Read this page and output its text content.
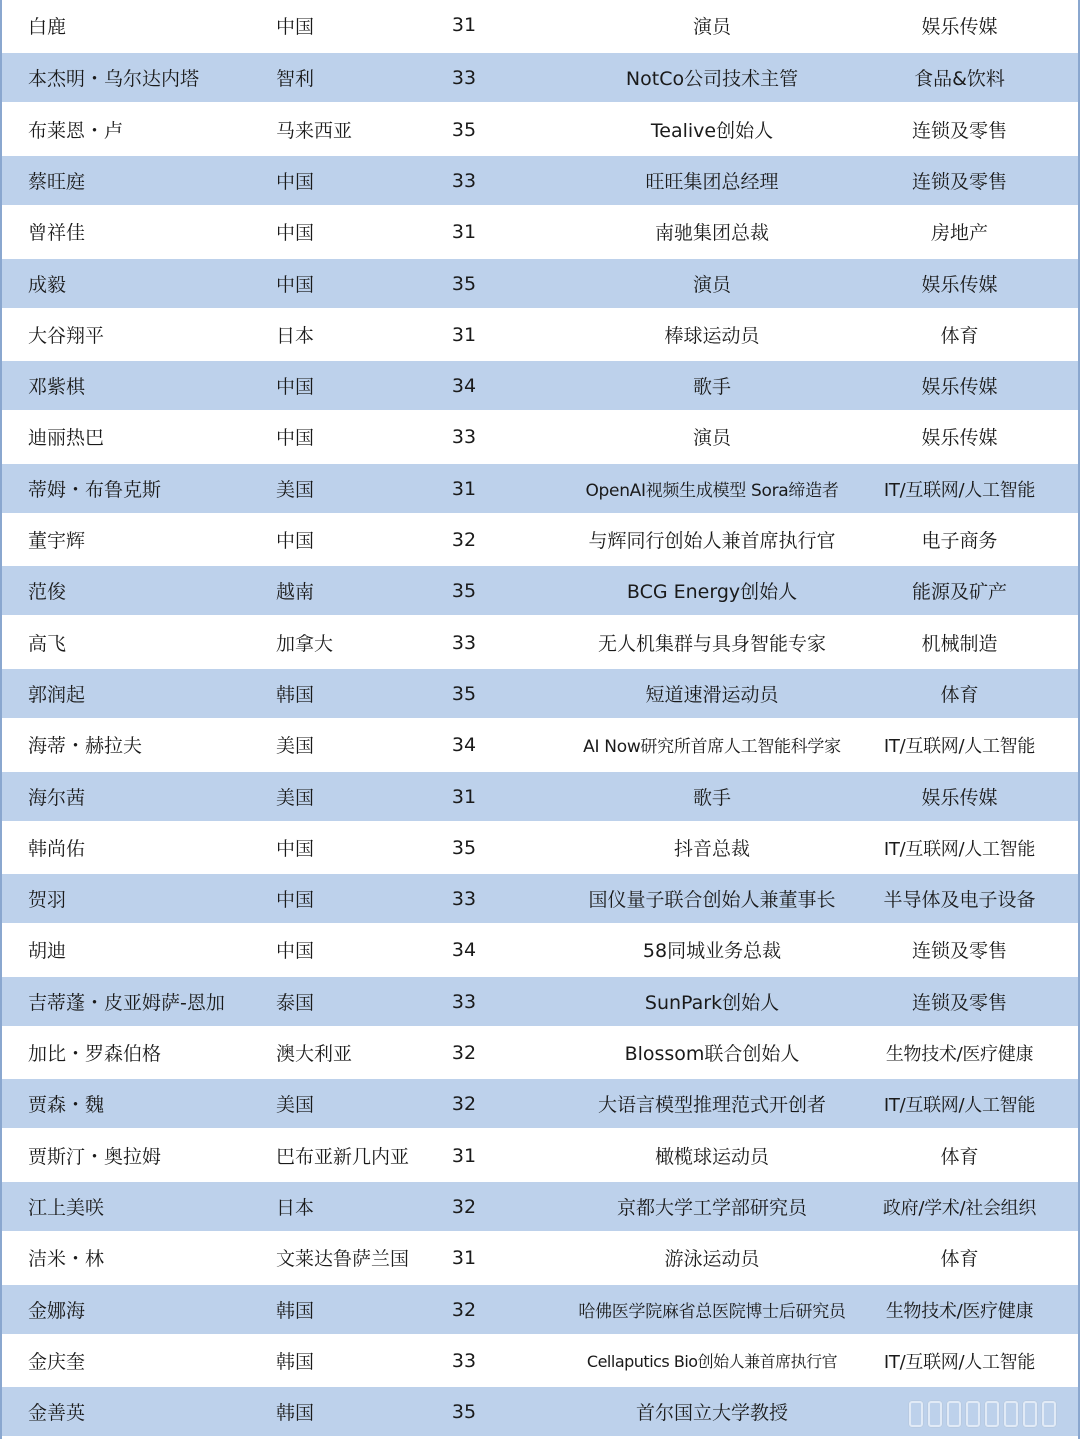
白鹿	中国	31	演员	娱乐传媒
本杰明・乌尔达内塔	智利	33	NotCo公司技术主管	食品&饮料
布莱恩・卢	马来西亚	35	Tealive创始人	连锁及零售
蔡旺庭	中国	33	旺旺集团总经理	连锁及零售
曾祥佳	中国	31	南驰集团总裁	房地产
成毅	中国	35	演员	娱乐传媒
大谷翔平	日本	31	棒球运动员	体育
邓紫棋	中国	34	歌手	娱乐传媒
迪丽热巴	中国	33	演员	娱乐传媒
蒂姆・布鲁克斯	美国	31	OpenAI视频生成模型 Sora缔造者	IT/互联网/人工智能
董宇辉	中国	32	与辉同行创始人兼首席执行官	电子商务
范俊	越南	35	BCG Energy创始人	能源及矿产
高飞	加拿大	33	无人机集群与具身智能专家	机械制造
郭润起	韩国	35	短道速滑运动员	体育
海蒂・赫拉夫	美国	34	AI Now研究所首席人工智能科学家	IT/互联网/人工智能
海尔茜	美国	31	歌手	娱乐传媒
韩尚佑	中国	35	抖音总裁	IT/互联网/人工智能
贺羽	中国	33	国仪量子联合创始人兼董事长	半导体及电子设备
胡迪	中国	34	58同城业务总裁	连锁及零售
吉蒂蓬・皮亚姆萨-恩加	泰国	33	SunPark创始人	连锁及零售
加比・罗森伯格	澳大利亚	32	Blossom联合创始人	生物技术/医疗健康
贾森・魏	美国	32	大语言模型推理范式开创者	IT/互联网/人工智能
贾斯汀・奥拉姆	巴布亚新几内亚	31	橄榄球运动员	体育
江上美咲	日本	32	京都大学工学部研究员	政府/学术/社会组织
洁米・林	文莱达鲁萨兰国	31	游泳运动员	体育
金娜海	韩国	32	哈佛医学院麻省总医院博士后研究员	生物技术/医疗健康
金庆奎	韩国	33	Cellaputics Bio创始人兼首席执行官	IT/互联网/人工智能
金善英	韩国	35	首尔国立大学教授
